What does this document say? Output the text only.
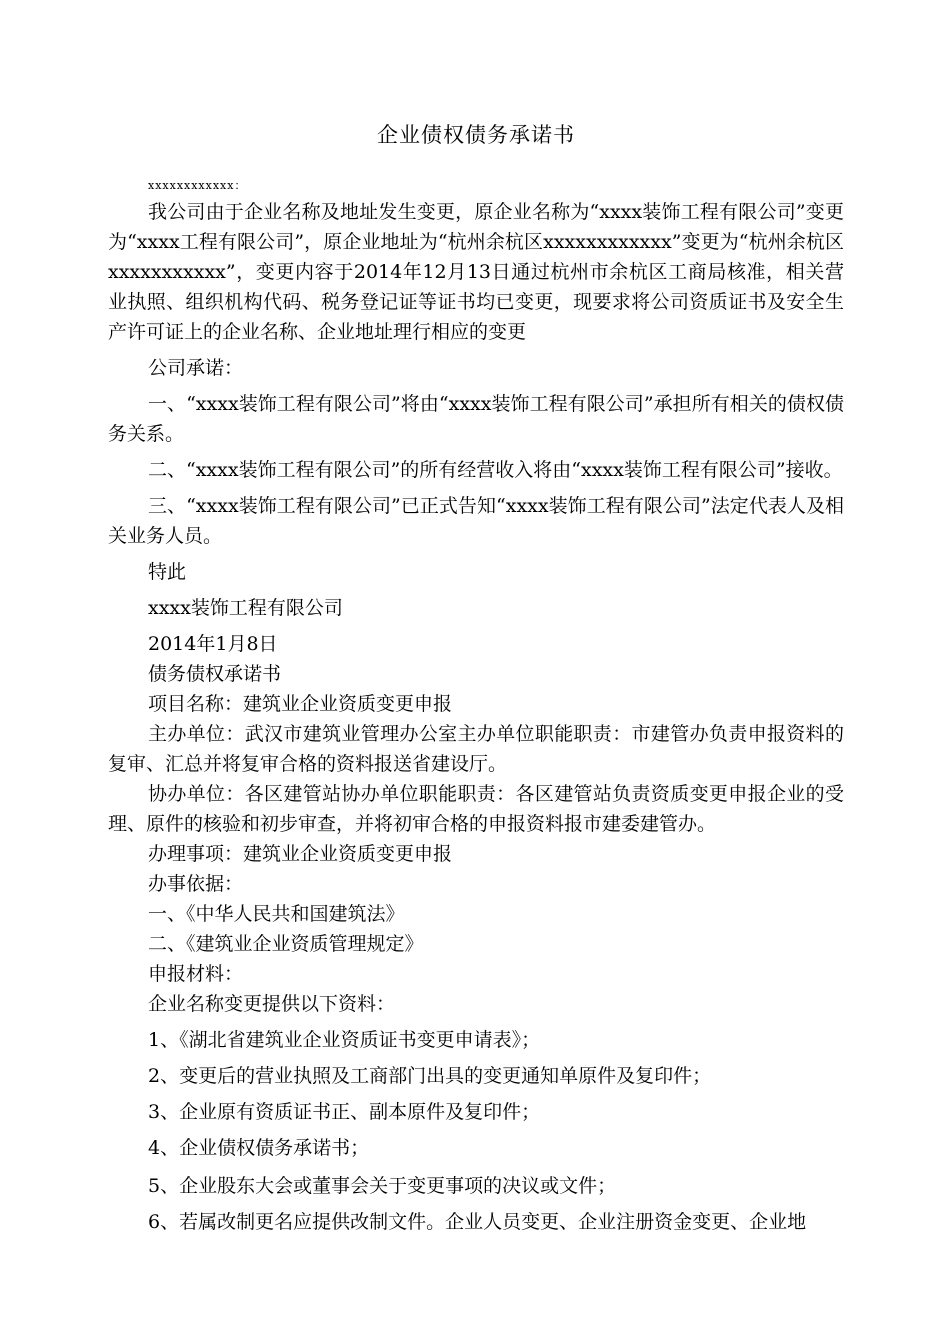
企业债权债务承诺书
xxxxxxxxxxxx：

我公司由于企业名称及地址发生变更，原企业名称为“xxxx装饰工程有限公司”变更为“xxxx工程有限公司”，原企业地址为“杭州余杭区xxxxxxxxxxxx”变更为“杭州余杭区xxxxxxxxxxx”，变更内容于2014年12月13日通过杭州市余杭区工商局核准，相关营业执照、组织机构代码、税务登记证等证书均已变更，现要求将公司资质证书及安全生产许可证上的企业名称、企业地址理行相应的变更

公司承诺：

一、“xxxx装饰工程有限公司”将由“xxxx装饰工程有限公司”承担所有相关的债权债务关系。

二、“xxxx装饰工程有限公司”的所有经营收入将由“xxxx装饰工程有限公司”接收。

三、“xxxx装饰工程有限公司”已正式告知“xxxx装饰工程有限公司”法定代表人及相关业务人员。

特此

xxxx装饰工程有限公司

2014年1月8日

债务债权承诺书

项目名称：建筑业企业资质变更申报

主办单位：武汉市建筑业管理办公室主办单位职能职责：市建管办负责申报资料的复审、汇总并将复审合格的资料报送省建设厅。

协办单位：各区建管站协办单位职能职责：各区建管站负责资质变更申报企业的受理、原件的核验和初步审查，并将初审合格的申报资料报市建委建管办。

办理事项：建筑业企业资质变更申报

办事依据：

一、《中华人民共和国建筑法》

二、《建筑业企业资质管理规定》

申报材料：

企业名称变更提供以下资料：

1、《湖北省建筑业企业资质证书变更申请表》；

2、变更后的营业执照及工商部门出具的变更通知单原件及复印件；

3、企业原有资质证书正、副本原件及复印件；

4、企业债权债务承诺书；

5、企业股东大会或董事会关于变更事项的决议或文件；

6、若属改制更名应提供改制文件。企业人员变更、企业注册资金变更、企业地
